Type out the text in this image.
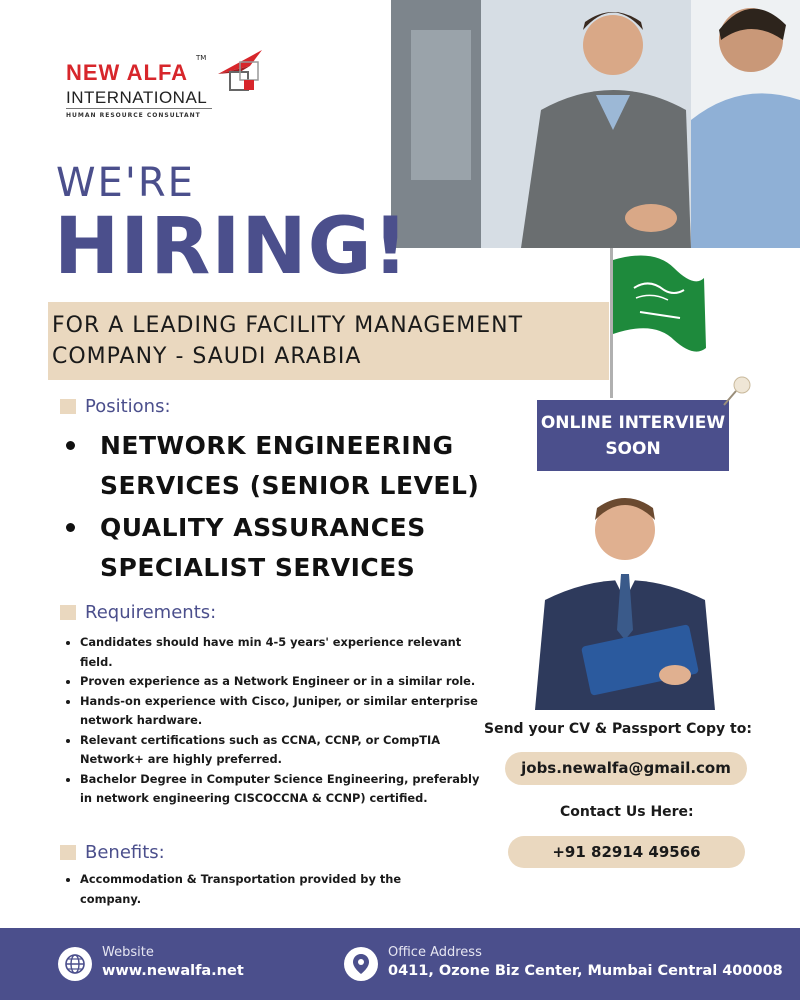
NEW ALFA
TM
INTERNATIONAL
HUMAN RESOURCE CONSULTANT
WE'RE
HIRING!
FOR A LEADING FACILITY MANAGEMENT
COMPANY - SAUDI ARABIA
ONLINE INTERVIEW
SOON
Positions:
NETWORK ENGINEERING
SERVICES (SENIOR LEVEL)
QUALITY ASSURANCES
SPECIALIST SERVICES
Requirements:
Candidates should have min 4-5 years' experience relevant field.
Proven experience as a Network Engineer or in a similar role.
Hands-on experience with Cisco, Juniper, or similar enterprise network hardware.
Relevant certifications such as CCNA, CCNP, or CompTIA Network+ are highly preferred.
Bachelor Degree in Computer Science Engineering, preferably in network engineering CISCOCCNA & CCNP) certified.
Benefits:
Accommodation & Transportation provided by the company.
Send your CV & Passport Copy to:
jobs.newalfa@gmail.com
Contact Us Here:
+91 82914 49566
Website
www.newalfa.net
Office Address
0411, Ozone Biz Center, Mumbai Central 400008
